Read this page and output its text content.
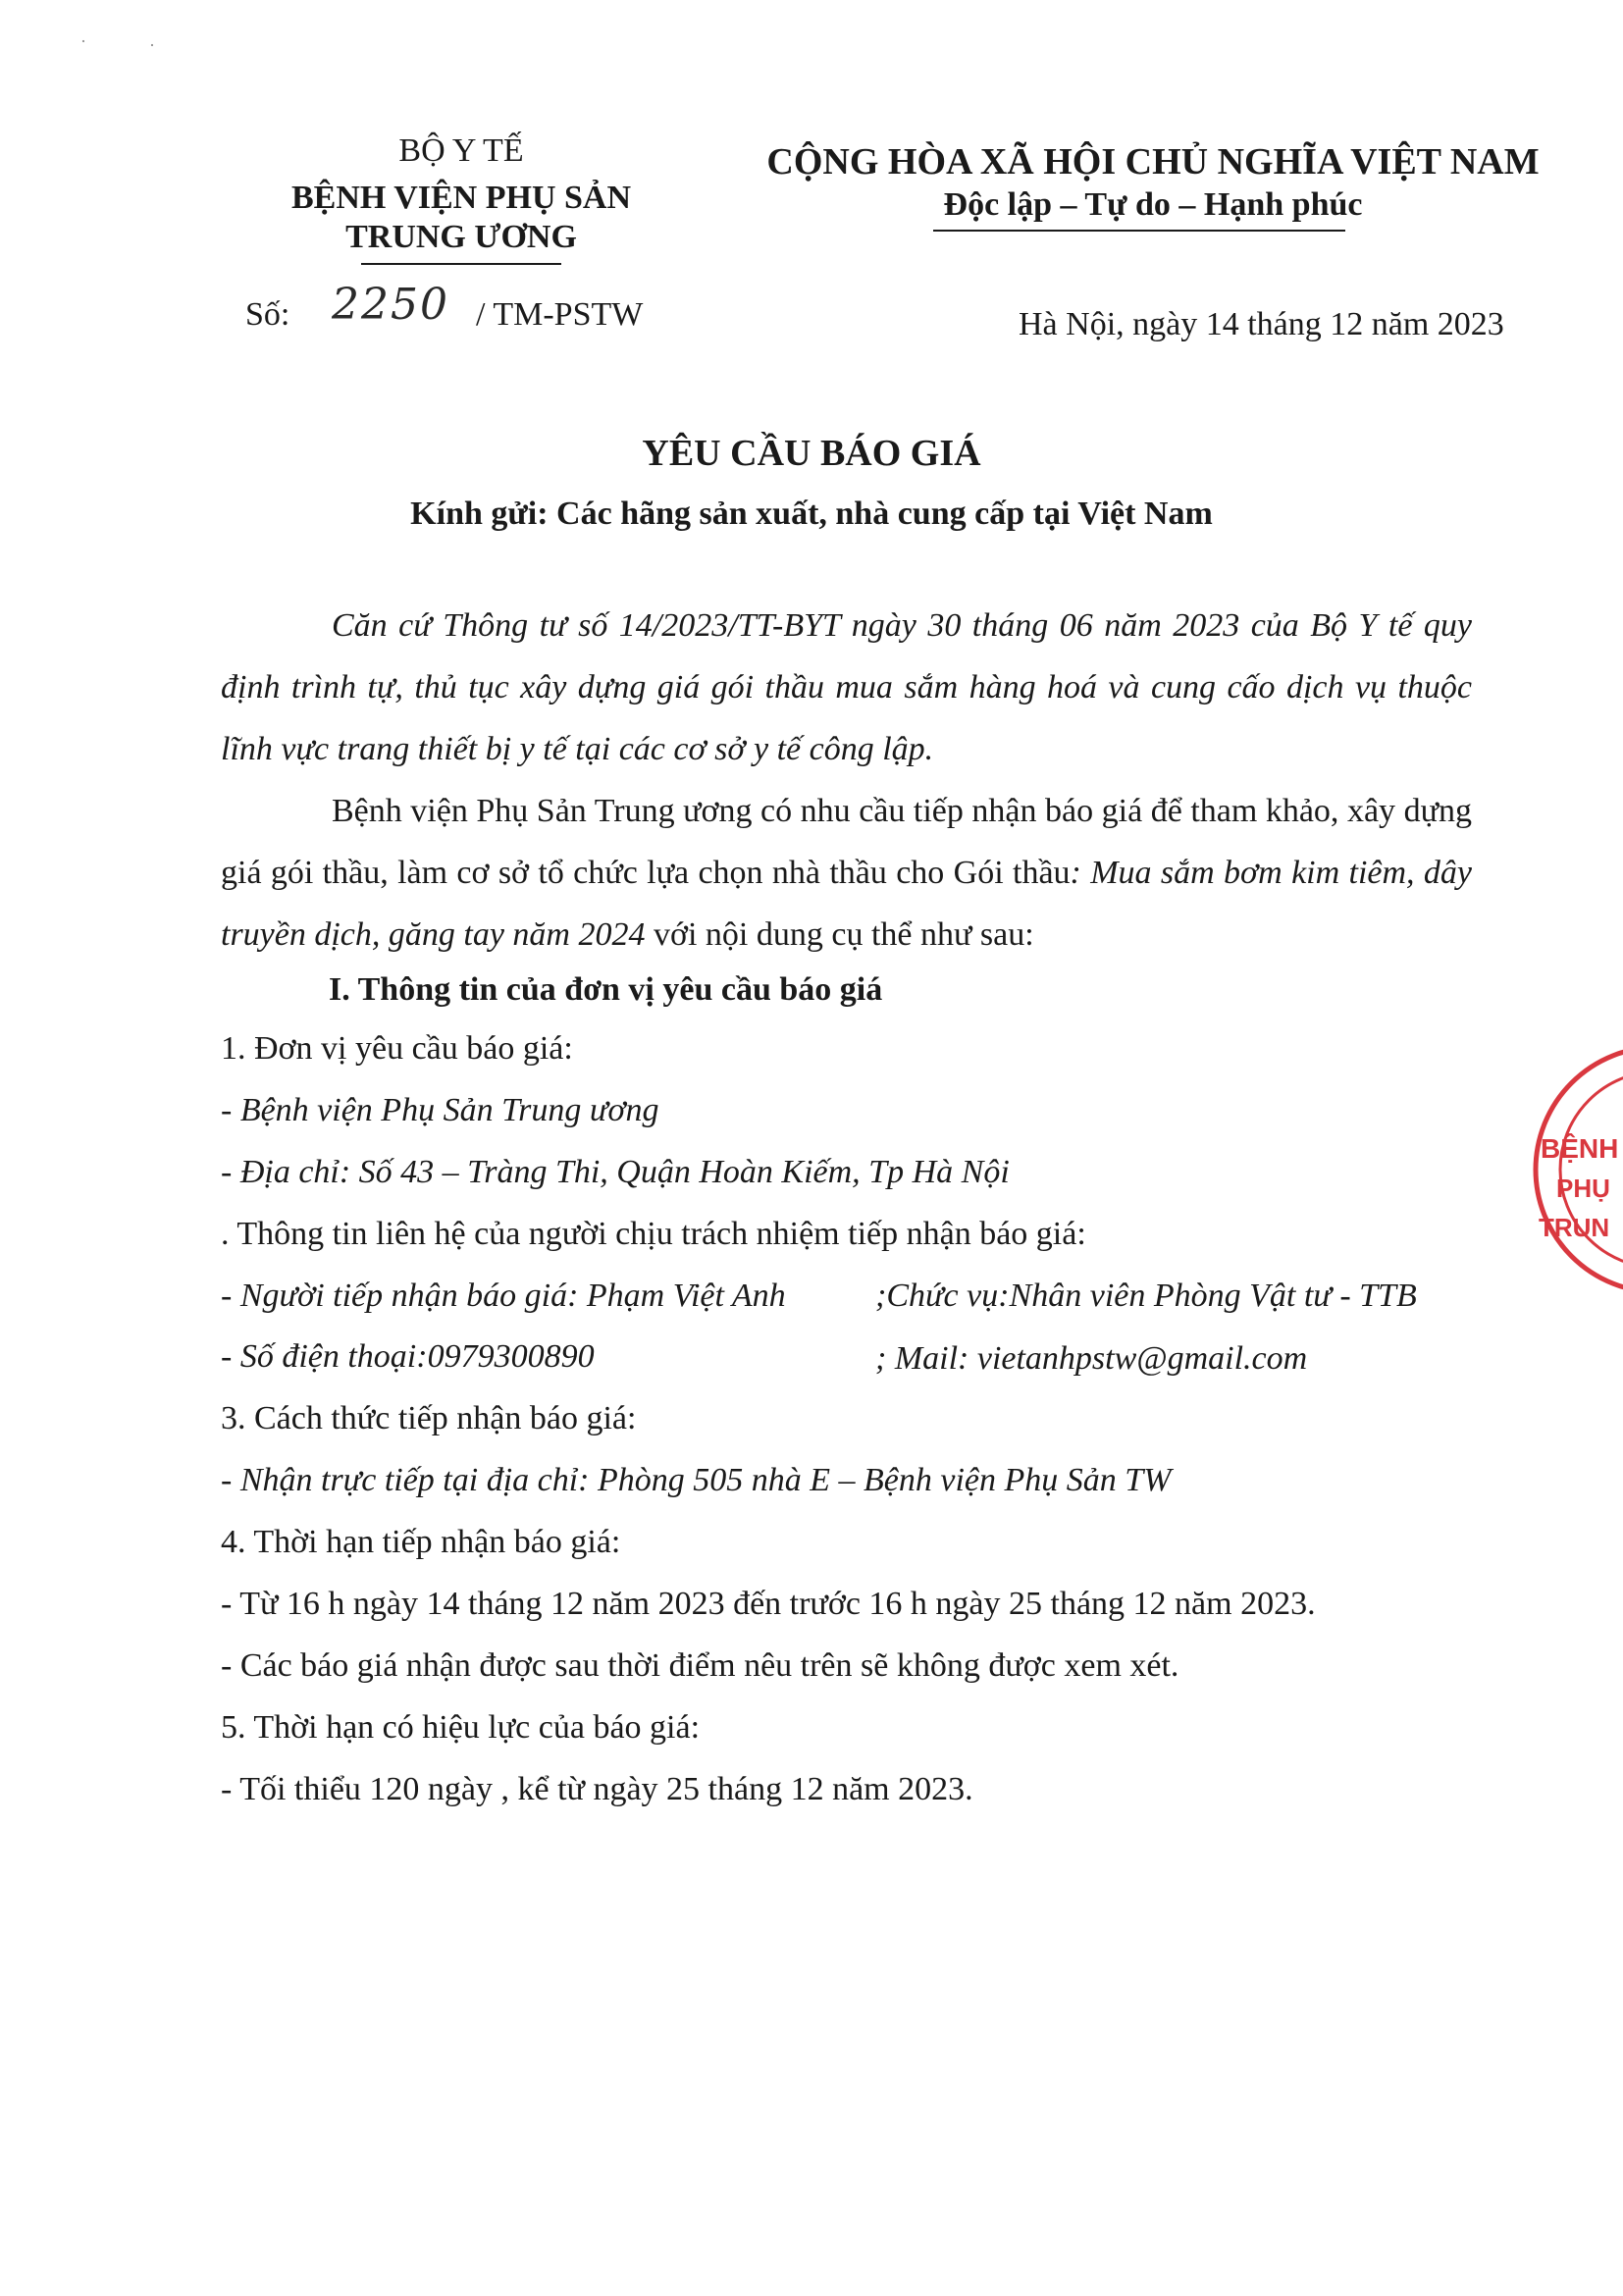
·	·
BỘ Y TẾ
BỆNH VIỆN PHỤ SẢN
TRUNG ƯƠNG
Số: 2250 / TM-PSTW
CỘNG HÒA XÃ HỘI CHỦ NGHĨA VIỆT NAM
Độc lập – Tự do – Hạnh phúc
Hà Nội, ngày 14 tháng 12 năm 2023
YÊU CẦU BÁO GIÁ
Kính gửi: Các hãng sản xuất, nhà cung cấp tại Việt Nam
Căn cứ Thông tư số 14/2023/TT-BYT ngày 30 tháng 06 năm 2023 của Bộ Y tế quy định trình tự, thủ tục xây dựng giá gói thầu mua sắm hàng hoá và cung cấo dịch vụ thuộc lĩnh vực trang thiết bị y tế tại các cơ sở y tế công lập.
Bệnh viện Phụ Sản Trung ương có nhu cầu tiếp nhận báo giá để tham khảo, xây dựng giá gói thầu, làm cơ sở tổ chức lựa chọn nhà thầu cho Gói thầu: Mua sắm bơm kim tiêm, dây truyền dịch, găng tay năm 2024 với nội dung cụ thể như sau:
I. Thông tin của đơn vị yêu cầu báo giá
1. Đơn vị yêu cầu báo giá:
- Bệnh viện Phụ Sản Trung ương
- Địa chỉ: Số 43 – Tràng Thi, Quận Hoàn Kiếm, Tp Hà Nội
. Thông tin liên hệ của người chịu trách nhiệm tiếp nhận báo giá:
- Người tiếp nhận báo giá: Phạm Việt Anh	;Chức vụ:Nhân viên Phòng Vật tư - TTB
- Số điện thoại:0979300890	; Mail: vietanhpstw@gmail.com
3. Cách thức tiếp nhận báo giá:
- Nhận trực tiếp tại địa chỉ: Phòng 505 nhà E – Bệnh viện Phụ Sản TW
4. Thời hạn tiếp nhận báo giá:
- Từ 16 h ngày 14 tháng 12 năm 2023 đến trước 16 h ngày 25 tháng 12 năm 2023.
- Các báo giá nhận được sau thời điểm nêu trên sẽ không được xem xét.
5. Thời hạn có hiệu lực của báo giá:
- Tối thiểu 120 ngày , kể từ ngày 25 tháng 12 năm 2023.
BỆNH
PHỤ
TRUN
